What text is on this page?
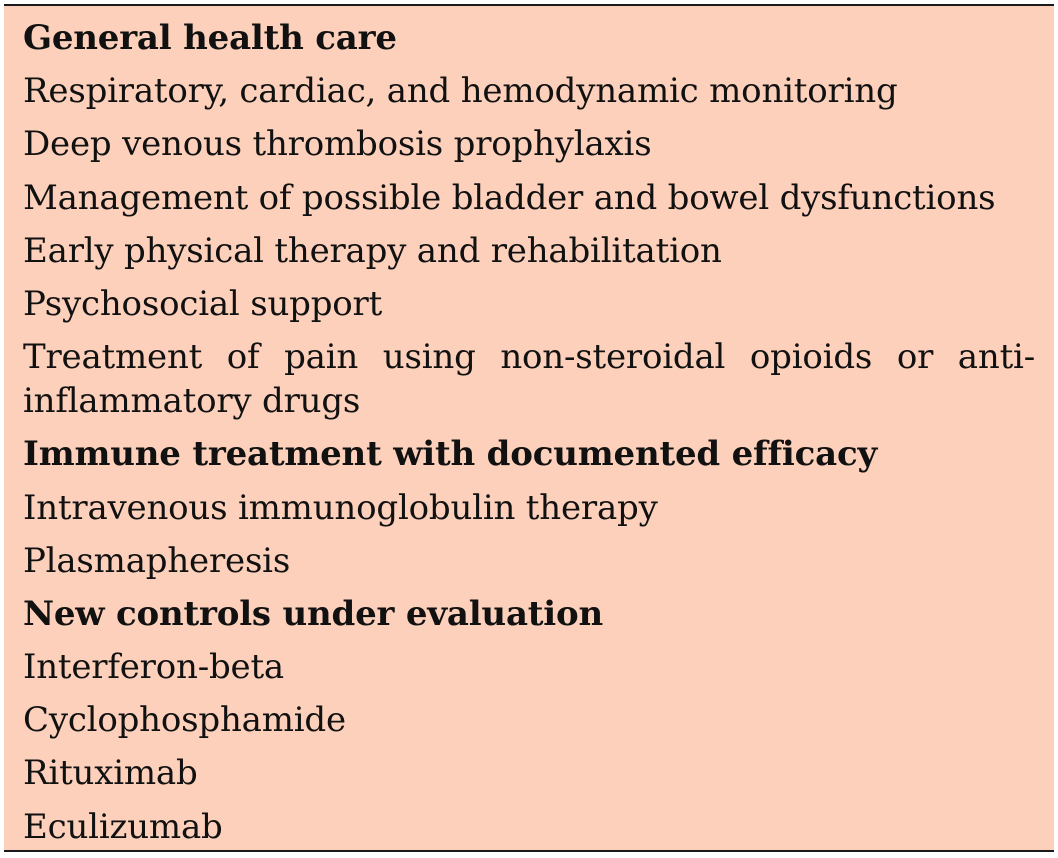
General health care
Respiratory, cardiac, and hemodynamic monitoring
Deep venous thrombosis prophylaxis
Management of possible bladder and bowel dysfunctions
Early physical therapy and rehabilitation
Psychosocial support
Treatment of pain using non-steroidal opioids or anti-inflammatory drugs
Immune treatment with documented efficacy
Intravenous immunoglobulin therapy
Plasmapheresis
New controls under evaluation
Interferon-beta
Cyclophosphamide
Rituximab
Eculizumab
